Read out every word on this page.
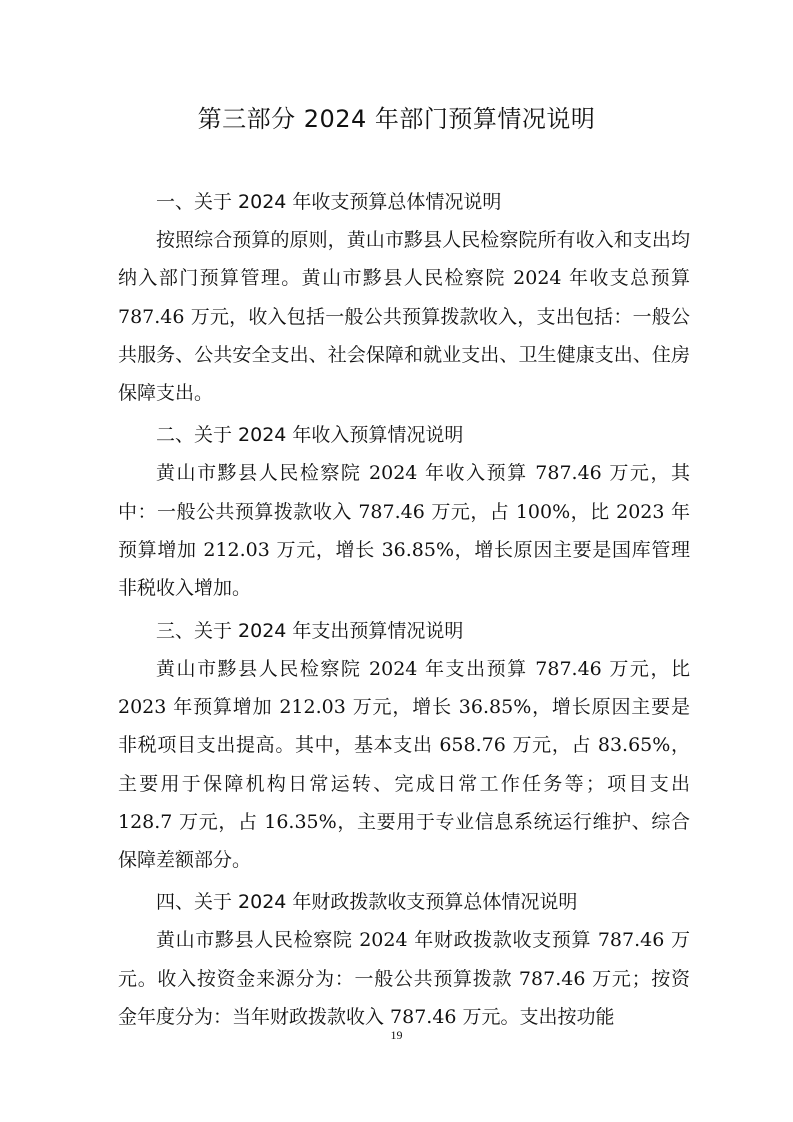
第三部分 2024 年部门预算情况说明
一、关于 2024 年收支预算总体情况说明

按照综合预算的原则，黄山市黟县人民检察院所有收入和支出均纳入部门预算管理。黄山市黟县人民检察院 2024 年收支总预算 787.46 万元，收入包括一般公共预算拨款收入，支出包括：一般公共服务、公共安全支出、社会保障和就业支出、卫生健康支出、住房保障支出。

二、关于 2024 年收入预算情况说明

黄山市黟县人民检察院 2024 年收入预算 787.46 万元，其中：一般公共预算拨款收入 787.46 万元，占 100%，比 2023 年预算增加 212.03 万元，增长 36.85%，增长原因主要是国库管理非税收入增加。

三、关于 2024 年支出预算情况说明

黄山市黟县人民检察院 2024 年支出预算 787.46 万元，比 2023 年预算增加 212.03 万元，增长 36.85%，增长原因主要是非税项目支出提高。其中，基本支出 658.76 万元，占 83.65%，主要用于保障机构日常运转、完成日常工作任务等；项目支出 128.7 万元，占 16.35%，主要用于专业信息系统运行维护、综合保障差额部分。

四、关于 2024 年财政拨款收支预算总体情况说明

黄山市黟县人民检察院 2024 年财政拨款收支预算 787.46 万元。收入按资金来源分为：一般公共预算拨款 787.46 万元；按资金年度分为：当年财政拨款收入 787.46 万元。支出按功能

19
